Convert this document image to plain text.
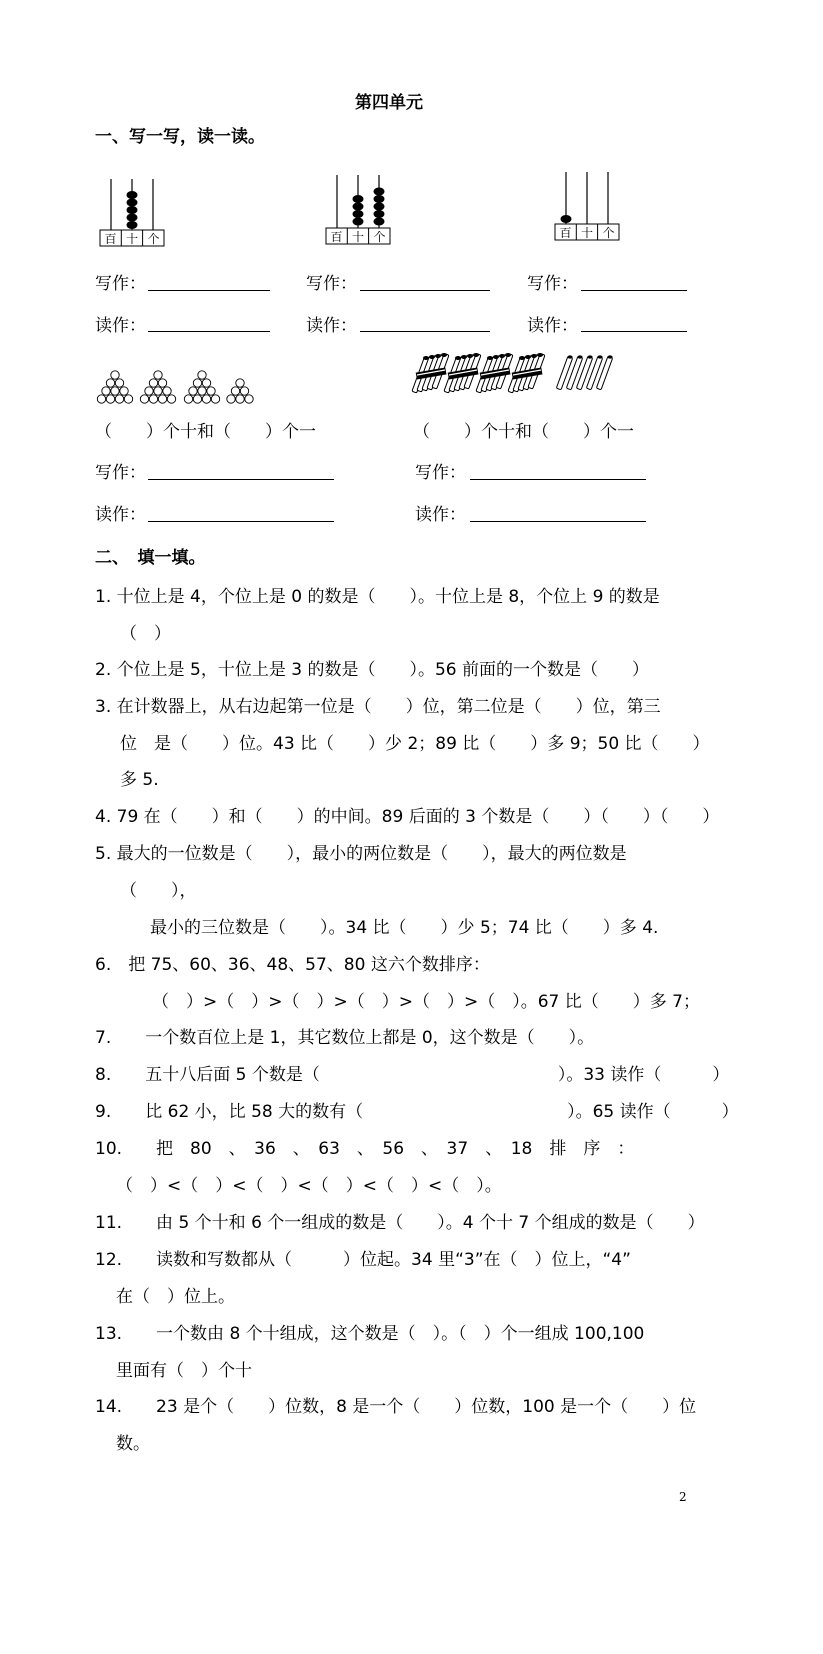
第四单元
一、写一写，读一读。
百 十 个	百 十 个	百 十 个
写作：	写作：	写作：
读作：	读作：	读作：
（　　）个十和（　　）个一	（　　）个十和（　　）个一
写作：	写作：
读作：	读作：
二、　填一填。
1. 十位上是 4，个位上是 0 的数是（　　）。十位上是 8，个位上 9 的数是
（　）
2. 个位上是 5，十位上是 3 的数是（　　）。56 前面的一个数是（　　）
3. 在计数器上，从右边起第一位是（　　）位，第二位是（　　）位，第三
位　是（　　）位。43 比（　　）少 2；89 比（　　）多 9；50 比（　　）
多 5.
4. 79 在（　　）和（　　）的中间。89 后面的 3 个数是（　　）（　　）（　　）
5. 最大的一位数是（　　），最小的两位数是（　　），最大的两位数是
（　　），
最小的三位数是（　　）。34 比（　　）少 5；74 比（　　）多 4.
6.　把 75、60、36、48、57、80 这六个数排序：
（　）>（　）>（　）>（　）>（　）>（　）。67 比（　　）多 7；
7.　　一个数百位上是 1，其它数位上都是 0，这个数是（　　）。
8.　　五十八后面 5 个数是（　　　　　　　　　　　　　　）。33 读作（　　　）
9.　　比 62 小，比 58 大的数有（　　　　　　　　　　　　）。65 读作（　　　）
10.　　把　80　、　36　、　63　、　56　、　37　、　18　排　序　：
（　）<（　）<（　）<（　）<（　）<（　）。
11.　　由 5 个十和 6 个一组成的数是（　　）。4 个十 7 个组成的数是（　　）
12.　　读数和写数都从（　　　）位起。34 里“3”在（　）位上，“4”
在（　）位上。
13.　　一个数由 8 个十组成，这个数是（　）。（　）个一组成 100,100
里面有（　）个十
14.　　23 是个（　　）位数，8 是一个（　　）位数，100 是一个（　　）位
数。
2
